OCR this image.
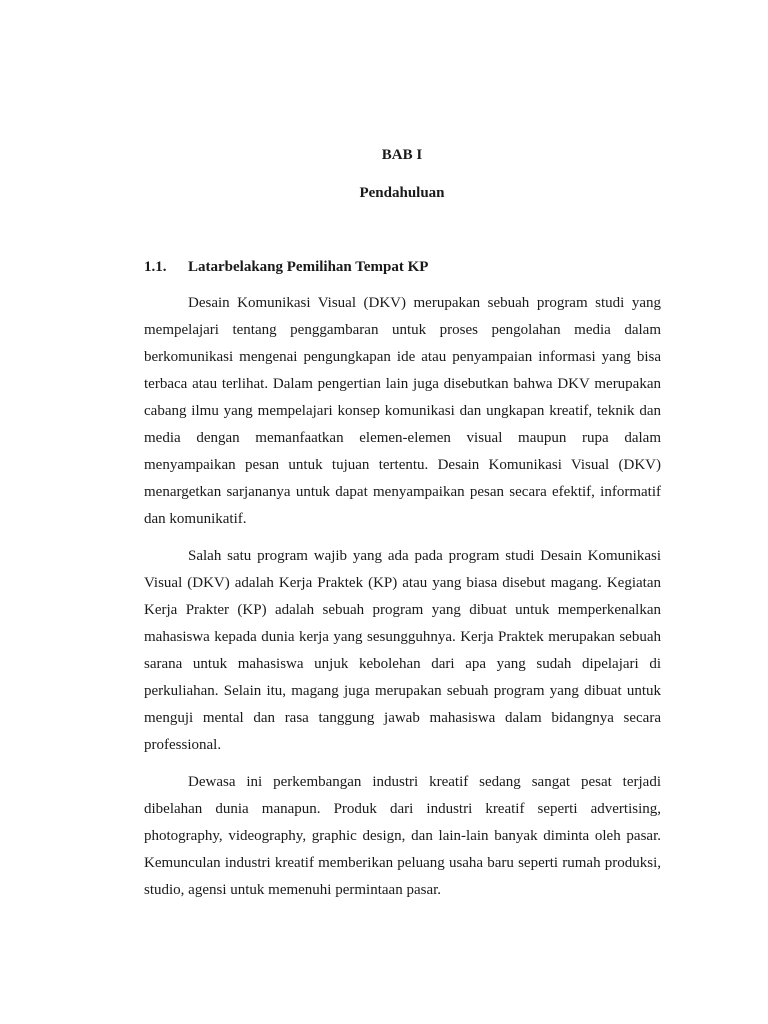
BAB I
Pendahuluan
1.1. Latarbelakang Pemilihan Tempat KP

Desain Komunikasi Visual (DKV) merupakan sebuah program studi yang mempelajari tentang penggambaran untuk proses pengolahan media dalam berkomunikasi mengenai pengungkapan ide atau penyampaian informasi yang bisa terbaca atau terlihat. Dalam pengertian lain juga disebutkan bahwa DKV merupakan cabang ilmu yang mempelajari konsep komunikasi dan ungkapan kreatif, teknik dan media dengan memanfaatkan elemen-elemen visual maupun rupa dalam menyampaikan pesan untuk tujuan tertentu. Desain Komunikasi Visual (DKV) menargetkan sarjananya untuk dapat menyampaikan pesan secara efektif, informatif dan komunikatif.

Salah satu program wajib yang ada pada program studi Desain Komunikasi Visual (DKV) adalah Kerja Praktek (KP) atau yang biasa disebut magang. Kegiatan Kerja Prakter (KP) adalah sebuah program yang dibuat untuk memperkenalkan mahasiswa kepada dunia kerja yang sesungguhnya. Kerja Praktek merupakan sebuah sarana untuk mahasiswa unjuk kebolehan dari apa yang sudah dipelajari di perkuliahan. Selain itu, magang juga merupakan sebuah program yang dibuat untuk menguji mental dan rasa tanggung jawab mahasiswa dalam bidangnya secara professional.

Dewasa ini perkembangan industri kreatif sedang sangat pesat terjadi dibelahan dunia manapun. Produk dari industri kreatif seperti advertising, photography, videography, graphic design, dan lain-lain banyak diminta oleh pasar. Kemunculan industri kreatif memberikan peluang usaha baru seperti rumah produksi, studio, agensi untuk memenuhi permintaan pasar.
